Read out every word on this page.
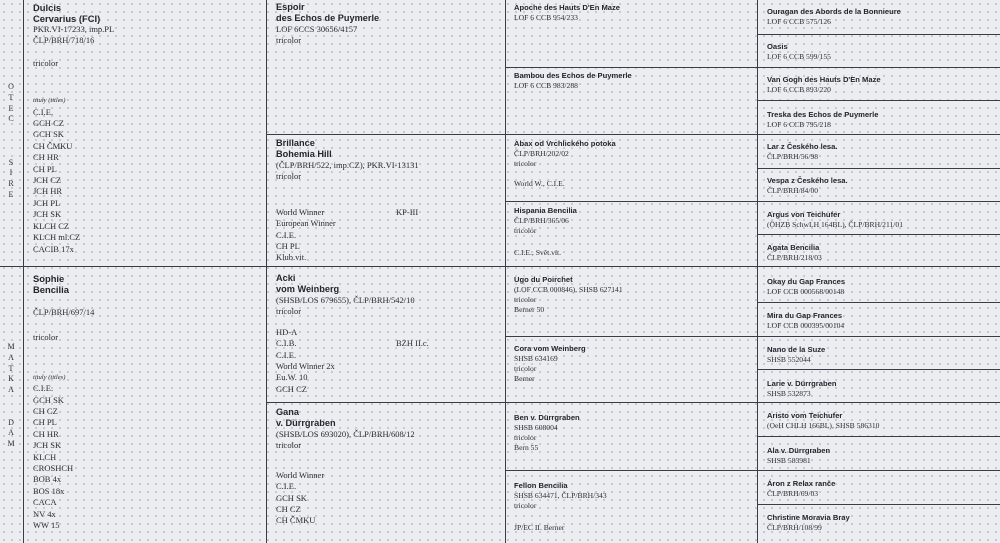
O
T
E
C

S
I
R
E
M
A
T
K
A

D
A
M
Dulcis
Cervarius (FCI)
PKR.VI-17233, imp.PL
ČLP/BRH/718/16
tricolor
tituly (titles)
C.I.E.
GCH CZ
GCH SK
CH ČMKU
CH HR
CH PL
JCH CZ
JCH HR
JCH PL
JCH SK
KLCH CZ
KLCH ml.CZ
CACIB 17x
Sophie
Bencilia
ČLP/BRH/697/14
tricolor
tituly (titles)
C.I.E.
GCH SK
CH CZ
CH PL
CH HR
JCH SK
KLCH
CROSHCH
BOB 4x
BOS 18x
CACA
NV 4x
WW 15
Espoir
des Echos de Puymerle
LOF 6CCS 30656/4157
tricolor
Brillance
Bohemia Hill
(ČLP/BRH/522, imp.CZ), PKR.VI-13131
tricolor
World Winner
European Winner
C.I.E.
CH PL
Klub.vit.
KP-III
Acki
vom Weinberg
(SHSB/LOS 679655), ČLP/BRH/542/10
tricolor
HD-A
C.I.B.
C.I.E.
World Winner 2x
Eu.W. 10
GCH CZ
BZH II.c.
Gana
v. Dürrgraben
(SHSB/LOS 693020), ČLP/BRH/608/12
tricolor
World Winner
C.I.E.
GCH SK
CH CZ
CH ČMKU
Apoche des Hauts D'En Maze
LOF 6 CCB 954/233
Bambou des Echos de Puymerle
LOF 6 CCB 983/288
Abax od Vrchlického potoka
ČLP/BRH/202/02
tricolor
World W., C.I.E.
Hispania Bencilia
ČLP/BRH/365/06
tricolor
C.I.E., Svět.vít.
Ugo du Poirchet
(LOF CCB 000846), SHSB 627141
tricolor
Berner 50
Cora vom Weinberg
SHSB 634169
tricolor
Berner
Ben v. Dürrgraben
SHSB 608004
tricolor
Bern 55
Fellon Bencilia
SHSB 634471, ČLP/BRH/343
tricolor
JP/EC II. Berner
Ouragan des Abords de la Bonnieure
LOF 6 CCB 575/126
Oasis
LOF 6 CCB 599/155
Van Gogh des Hauts D'En Maze
LOF 6 CCB 893/220
Treska des Echos de Puymerle
LOF 6 CCB 795/218
Lar z Českého lesa.
ČLP/BRH/56/98
Vespa z Českého lesa.
ČLP/BRH/84/00
Argus von Teichufer
(ÖHZB SchwLH 164BL), ČLP/BRH/211/01
Agata Bencilia
ČLP/BRH/218/03
Okay du Gap Frances
LOF CCB 000568/00148
Mira du Gap Frances
LOF CCB 000395/00104
Nano de la Suze
SHSB 552044
Larie v. Dürrgraben
SHSB 532873
Aristo vom Teichufer
(OeH CHLH 166BL), SHSB 586310
Ala v. Dürrgraben
SHSB 583981
Áron z Relax ranče
ČLP/BRH/69/03
Christine Moravia Bray
ČLP/BRH/108/99
